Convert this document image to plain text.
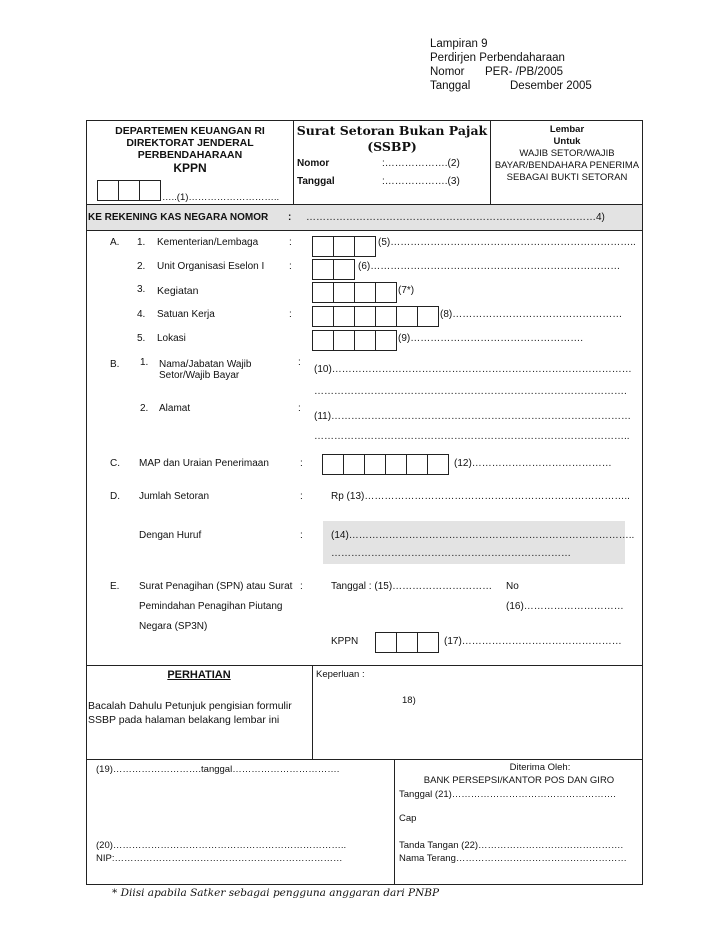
Lampiran 9
Perdirjen Perbendaharaan
Nomor PER- /PB/2005
Tanggal	Desember 2005
DEPARTEMEN KEUANGAN RI
DIREKTORAT JENDERAL
PERBENDAHARAAN
KPPN
…..(1)………………………..
Surat Setoran Bukan Pajak
(SSBP)
Nomor	:……………….(2)
Tanggal	:……………….(3)
Lembar
Untuk
WAJIB SETOR/WAJIB
BAYAR/BENDAHARA PENERIMA
SEBAGAI BUKTI SETORAN
KE REKENING KAS NEGARA NOMOR : ……………………………………………………………………………4)
A. 1. Kementerian/Lembaga	:	(5)………………………………………………………………..
2. Unit Organisasi Eselon I :	(6)…………………………………………………………………
3. Kegiatan	(7*)
4. Satuan Kerja	:	(8)……………………………………………
5. Lokasi	(9)…………………………………………….
B. 1. Nama/Jabatan Wajib
Setor/Wajib Bayar
:
(10)………………………………………………………………………………
………………………………………………………………………………….
2. Alamat	:
(11)………………………………………………………………………………
…………………………………………………………………………………..
C. MAP dan Uraian Penerimaan	:	(12)……………………………………
D. Jumlah Setoran	:	Rp (13)……………………………………………………………………..
Dengan Huruf	:	(14)…………………………………………………………………………..
………………………………………………………………
E. Surat Penagihan (SPN) atau Surat
Pemindahan Penagihan Piutang
Negara (SP3N)
:	Tanggal : (15)………………………… No
(16)…………………………
KPPN	(17)…………………………………………
PERHATIAN
Bacalah Dahulu Petunjuk pengisian formulir
SSBP pada halaman belakang lembar ini
Keperluan :
18)
(19)……………………….tanggal…………………………….
(20)………………………………………………………………..
NIP:………………………………………………………………
Diterima Oleh:
BANK PERSEPSI/KANTOR POS DAN GIRO
Tanggal (21)…………………………………………….
Cap
Tanda Tangan (22)……………………………………….
Nama Terang………………………………………………
* Diisi apabila Satker sebagai pengguna anggaran dari PNBP
